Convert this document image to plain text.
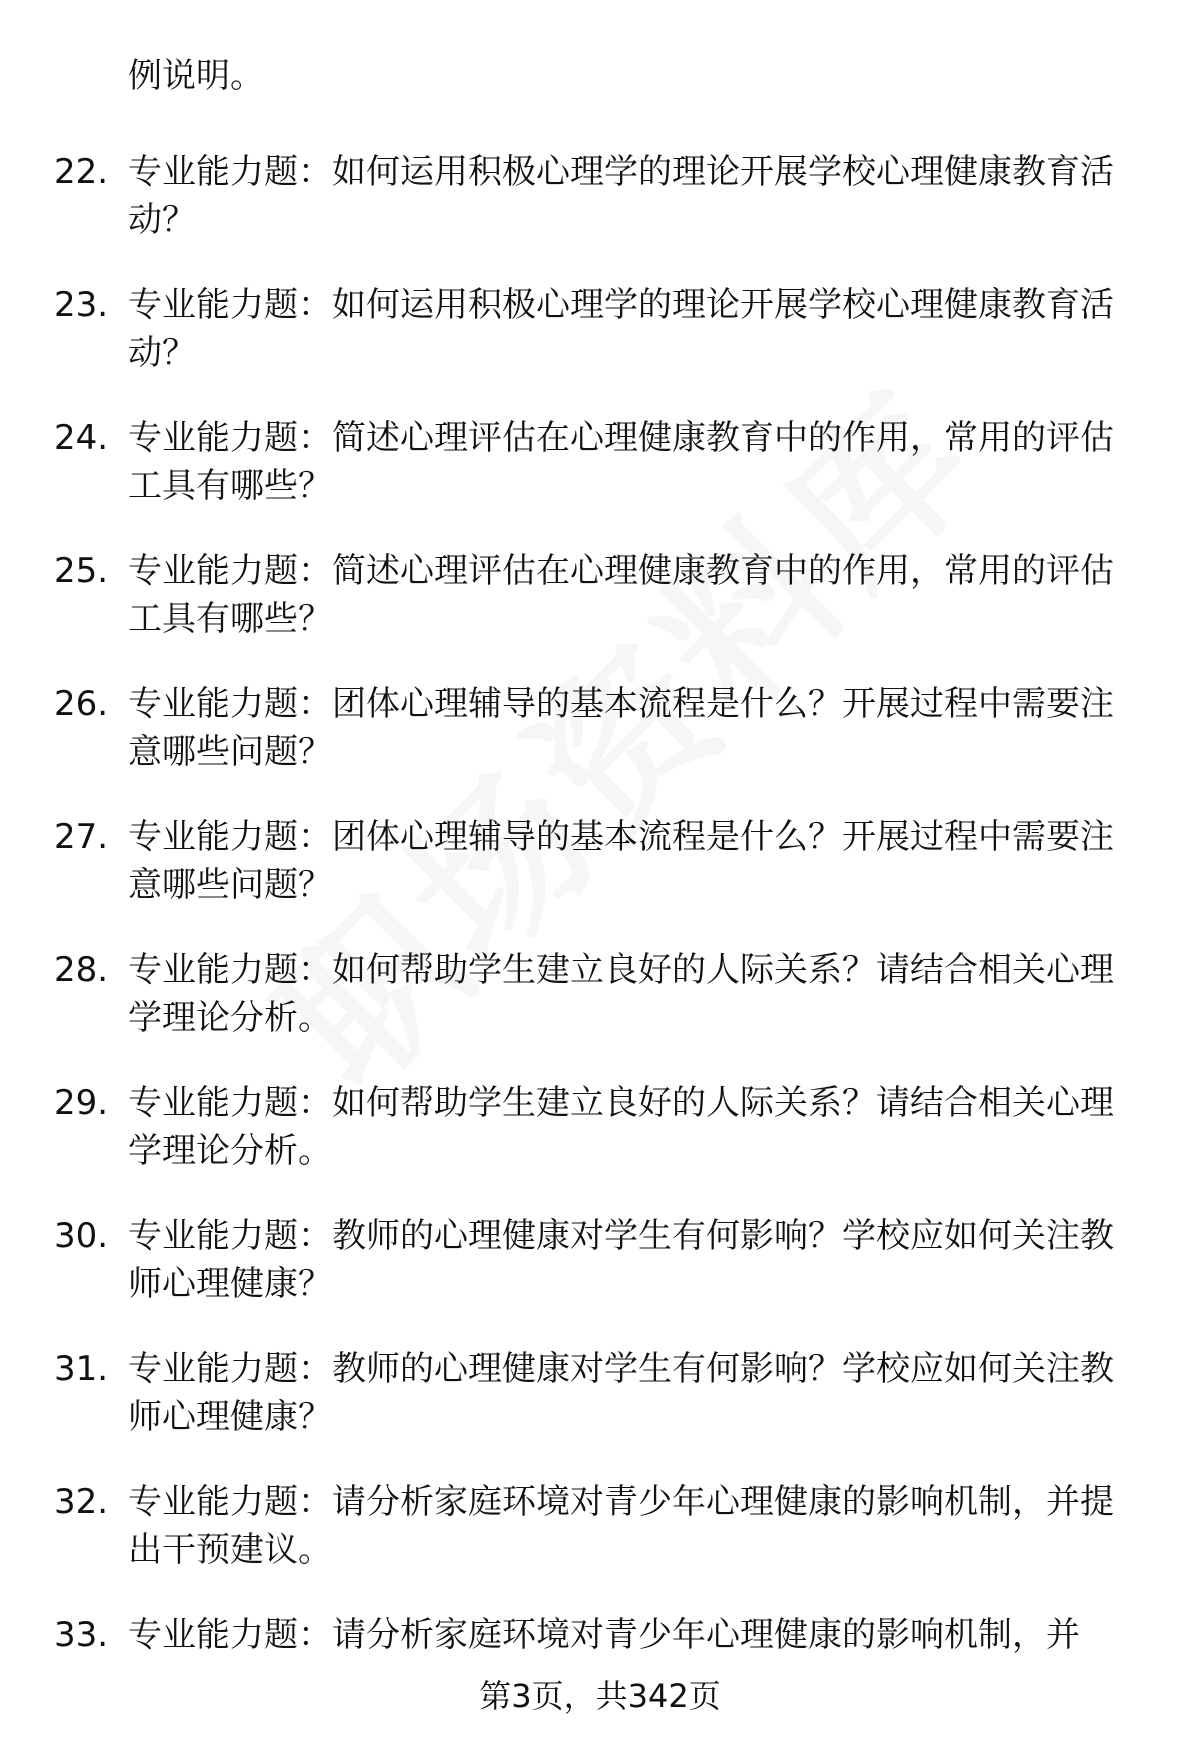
例说明。
22. 专业能力题：如何运用积极心理学的理论开展学校心理健康教育活动？
23. 专业能力题：如何运用积极心理学的理论开展学校心理健康教育活动？
24. 专业能力题：简述心理评估在心理健康教育中的作用，常用的评估工具有哪些？
25. 专业能力题：简述心理评估在心理健康教育中的作用，常用的评估工具有哪些？
26. 专业能力题：团体心理辅导的基本流程是什么？开展过程中需要注意哪些问题？
27. 专业能力题：团体心理辅导的基本流程是什么？开展过程中需要注意哪些问题？
28. 专业能力题：如何帮助学生建立良好的人际关系？请结合相关心理学理论分析。
29. 专业能力题：如何帮助学生建立良好的人际关系？请结合相关心理学理论分析。
30. 专业能力题：教师的心理健康对学生有何影响？学校应如何关注教师心理健康？
31. 专业能力题：教师的心理健康对学生有何影响？学校应如何关注教师心理健康？
32. 专业能力题：请分析家庭环境对青少年心理健康的影响机制，并提出干预建议。
33. 专业能力题：请分析家庭环境对青少年心理健康的影响机制，并
第3页，共342页
